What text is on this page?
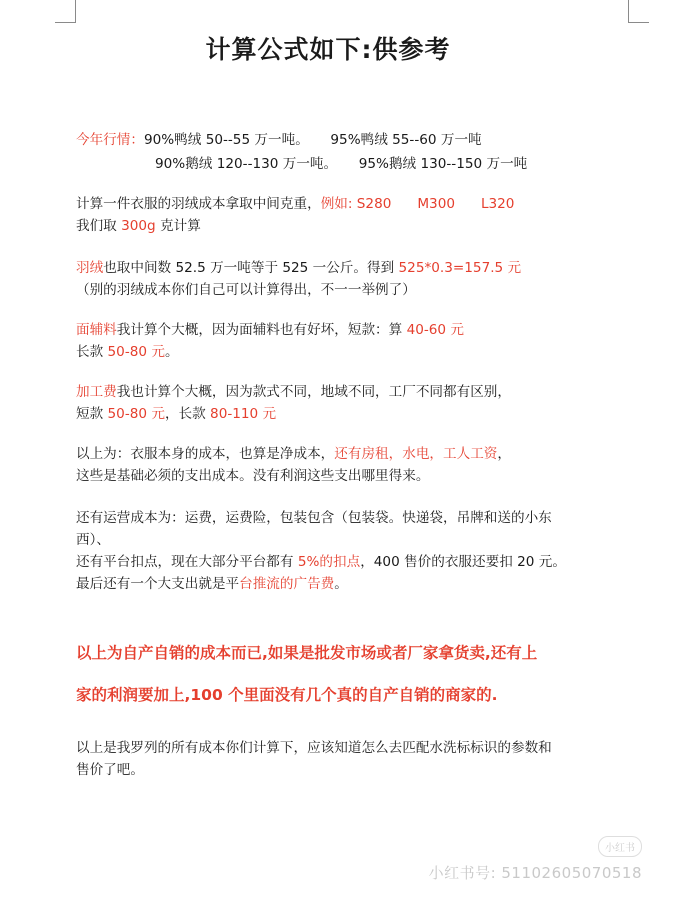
计算公式如下:供参考
今年行情：90%鸭绒 50--55 万一吨。 95%鸭绒 55--60 万一吨
90%鹅绒 120--130 万一吨。 95%鹅绒 130--150 万一吨
计算一件衣服的羽绒成本拿取中间克重，例如: S280 M300 L320
我们取 300g 克计算
羽绒也取中间数 52.5 万一吨等于 525 一公斤。得到 525*0.3=157.5 元
（别的羽绒成本你们自己可以计算得出，不一一举例了）
面辅料我计算个大概，因为面辅料也有好坏，短款：算 40-60 元
长款 50-80 元。
加工费我也计算个大概，因为款式不同，地域不同，工厂不同都有区别，
短款 50-80 元，长款 80-110 元
以上为：衣服本身的成本，也算是净成本，还有房租，水电，工人工资，
这些是基础必须的支出成本。没有利润这些支出哪里得来。
还有运营成本为：运费，运费险，包装包含（包装袋。快递袋，吊牌和送的小东
西）、
还有平台扣点，现在大部分平台都有 5%的扣点，400 售价的衣服还要扣 20 元。
最后还有一个大支出就是平台推流的广告费。
以上为自产自销的成本而已,如果是批发市场或者厂家拿货卖,还有上
家的利润要加上,100 个里面没有几个真的自产自销的商家的.
以上是我罗列的所有成本你们计算下，应该知道怎么去匹配水洗标标识的参数和
售价了吧。
小红书
小红书号: 5110260507051​8
